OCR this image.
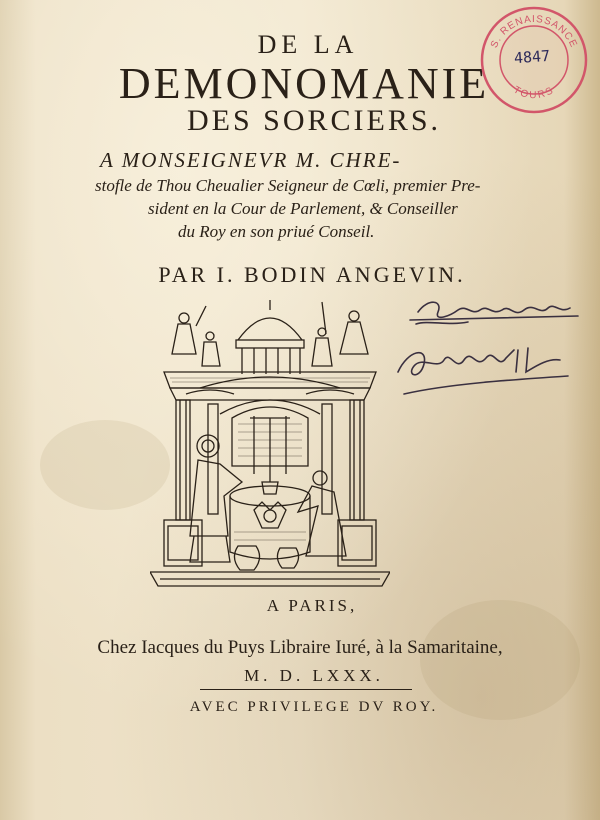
DE LA
DEMONOMANIE
DES SORCIERS.
A MONSEIGNEVR M. CHRE-
stofle de Thou Cheualier Seigneur de Cœli, premier Pre-
sident en la Cour de Parlement, & Conseiller
du Roy en son priué Conseil.
PAR I. BODIN ANGEVIN.
S. RENAISSANCE
TOURS
4847
A PARIS,
Chez Iacques du Puys Libraire Iuré, à la Samaritaine,
M. D. LXXX.
AVEC PRIVILEGE DV ROY.
